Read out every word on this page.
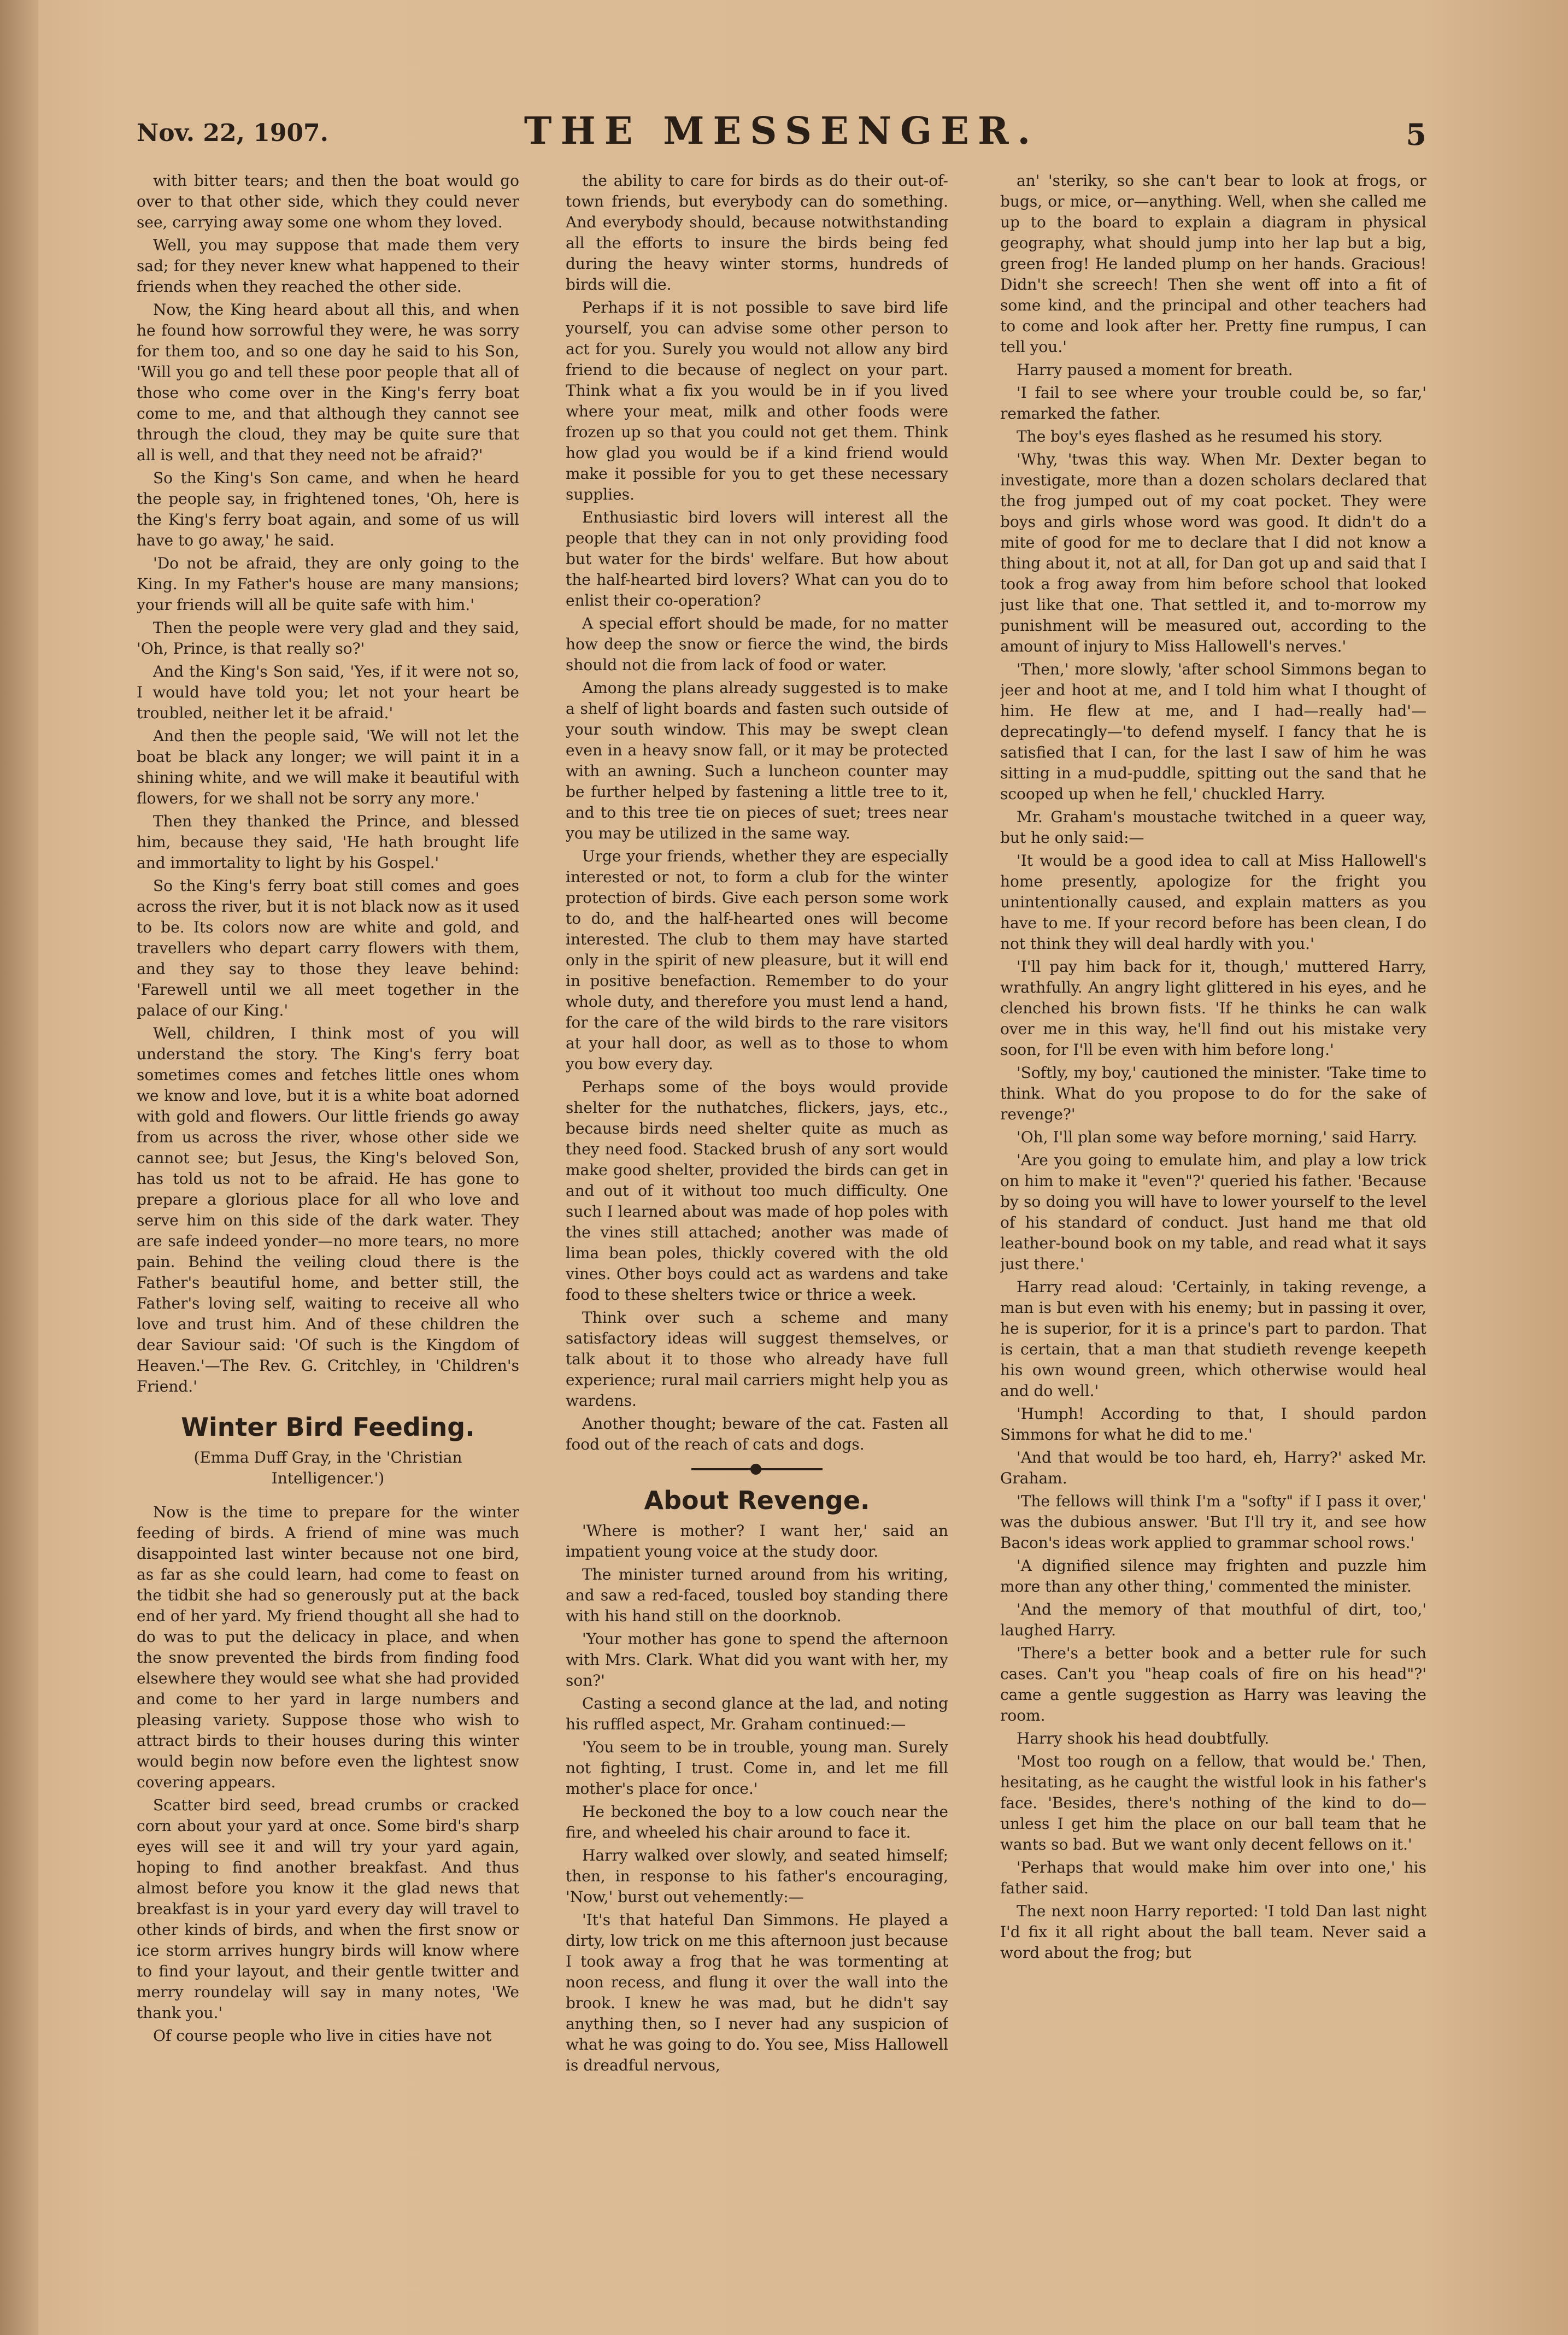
Nov. 22, 1907.	THE MESSENGER.	5

with bitter tears; and then the boat would go over to that other side, which they could never see, carrying away some one whom they loved.

Well, you may suppose that made them very sad; for they never knew what happened to their friends when they reached the other side.

Now, the King heard about all this, and when he found how sorrowful they were, he was sorry for them too, and so one day he said to his Son, 'Will you go and tell these poor people that all of those who come over in the King's ferry boat come to me, and that although they cannot see through the cloud, they may be quite sure that all is well, and that they need not be afraid?'

So the King's Son came, and when he heard the people say, in frightened tones, 'Oh, here is the King's ferry boat again, and some of us will have to go away,' he said.

'Do not be afraid, they are only going to the King. In my Father's house are many mansions; your friends will all be quite safe with him.'

Then the people were very glad and they said, 'Oh, Prince, is that really so?'

And the King's Son said, 'Yes, if it were not so, I would have told you; let not your heart be troubled, neither let it be afraid.'

And then the people said, 'We will not let the boat be black any longer; we will paint it in a shining white, and we will make it beautiful with flowers, for we shall not be sorry any more.'

Then they thanked the Prince, and blessed him, because they said, 'He hath brought life and immortality to light by his Gospel.'

So the King's ferry boat still comes and goes across the river, but it is not black now as it used to be. Its colors now are white and gold, and travellers who depart carry flowers with them, and they say to those they leave behind: 'Farewell until we all meet together in the palace of our King.'

Well, children, I think most of you will understand the story. The King's ferry boat sometimes comes and fetches little ones whom we know and love, but it is a white boat adorned with gold and flowers. Our little friends go away from us across the river, whose other side we cannot see; but Jesus, the King's beloved Son, has told us not to be afraid. He has gone to prepare a glorious place for all who love and serve him on this side of the dark water. They are safe indeed yonder—no more tears, no more pain. Behind the veiling cloud there is the Father's beautiful home, and better still, the Father's loving self, waiting to receive all who love and trust him. And of these children the dear Saviour said: 'Of such is the Kingdom of Heaven.'—The Rev. G. Critchley, in 'Children's Friend.'

Winter Bird Feeding.

(Emma Duff Gray, in the 'Christian Intelligencer.')

Now is the time to prepare for the winter feeding of birds. A friend of mine was much disappointed last winter because not one bird, as far as she could learn, had come to feast on the tidbit she had so generously put at the back end of her yard. My friend thought all she had to do was to put the delicacy in place, and when the snow prevented the birds from finding food elsewhere they would see what she had provided and come to her yard in large numbers and pleasing variety. Suppose those who wish to attract birds to their houses during this winter would begin now before even the lightest snow covering appears.

Scatter bird seed, bread crumbs or cracked corn about your yard at once. Some bird's sharp eyes will see it and will try your yard again, hoping to find another breakfast. And thus almost before you know it the glad news that breakfast is in your yard every day will travel to other kinds of birds, and when the first snow or ice storm arrives hungry birds will know where to find your layout, and their gentle twitter and merry roundelay will say in many notes, 'We thank you.'

Of course people who live in cities have not

the ability to care for birds as do their out-of-town friends, but everybody can do something. And everybody should, because notwithstanding all the efforts to insure the birds being fed during the heavy winter storms, hundreds of birds will die.

Perhaps if it is not possible to save bird life yourself, you can advise some other person to act for you. Surely you would not allow any bird friend to die because of neglect on your part. Think what a fix you would be in if you lived where your meat, milk and other foods were frozen up so that you could not get them. Think how glad you would be if a kind friend would make it possible for you to get these necessary supplies.

Enthusiastic bird lovers will interest all the people that they can in not only providing food but water for the birds' welfare. But how about the half-hearted bird lovers? What can you do to enlist their co-operation?

A special effort should be made, for no matter how deep the snow or fierce the wind, the birds should not die from lack of food or water.

Among the plans already suggested is to make a shelf of light boards and fasten such outside of your south window. This may be swept clean even in a heavy snow fall, or it may be protected with an awning. Such a luncheon counter may be further helped by fastening a little tree to it, and to this tree tie on pieces of suet; trees near you may be utilized in the same way.

Urge your friends, whether they are especially interested or not, to form a club for the winter protection of birds. Give each person some work to do, and the half-hearted ones will become interested. The club to them may have started only in the spirit of new pleasure, but it will end in positive benefaction. Remember to do your whole duty, and therefore you must lend a hand, for the care of the wild birds to the rare visitors at your hall door, as well as to those to whom you bow every day.

Perhaps some of the boys would provide shelter for the nuthatches, flickers, jays, etc., because birds need shelter quite as much as they need food. Stacked brush of any sort would make good shelter, provided the birds can get in and out of it without too much difficulty. One such I learned about was made of hop poles with the vines still attached; another was made of lima bean poles, thickly covered with the old vines. Other boys could act as wardens and take food to these shelters twice or thrice a week.

Think over such a scheme and many satisfactory ideas will suggest themselves, or talk about it to those who already have full experience; rural mail carriers might help you as wardens.

Another thought; beware of the cat. Fasten all food out of the reach of cats and dogs.

About Revenge.

'Where is mother? I want her,' said an impatient young voice at the study door.

The minister turned around from his writing, and saw a red-faced, tousled boy standing there with his hand still on the doorknob.

'Your mother has gone to spend the afternoon with Mrs. Clark. What did you want with her, my son?'

Casting a second glance at the lad, and noting his ruffled aspect, Mr. Graham continued:—

'You seem to be in trouble, young man. Surely not fighting, I trust. Come in, and let me fill mother's place for once.'

He beckoned the boy to a low couch near the fire, and wheeled his chair around to face it.

Harry walked over slowly, and seated himself; then, in response to his father's encouraging, 'Now,' burst out vehemently:—

'It's that hateful Dan Simmons. He played a dirty, low trick on me this afternoon just because I took away a frog that he was tormenting at noon recess, and flung it over the wall into the brook. I knew he was mad, but he didn't say anything then, so I never had any suspicion of what he was going to do. You see, Miss Hallowell is dreadful nervous,

an' 'steriky, so she can't bear to look at frogs, or bugs, or mice, or—anything. Well, when she called me up to the board to explain a diagram in physical geography, what should jump into her lap but a big, green frog! He landed plump on her hands. Gracious! Didn't she screech! Then she went off into a fit of some kind, and the principal and other teachers had to come and look after her. Pretty fine rumpus, I can tell you.'

Harry paused a moment for breath.

'I fail to see where your trouble could be, so far,' remarked the father.

The boy's eyes flashed as he resumed his story.

'Why, 'twas this way. When Mr. Dexter began to investigate, more than a dozen scholars declared that the frog jumped out of my coat pocket. They were boys and girls whose word was good. It didn't do a mite of good for me to declare that I did not know a thing about it, not at all, for Dan got up and said that I took a frog away from him before school that looked just like that one. That settled it, and to-morrow my punishment will be measured out, according to the amount of injury to Miss Hallowell's nerves.'

'Then,' more slowly, 'after school Simmons began to jeer and hoot at me, and I told him what I thought of him. He flew at me, and I had—really had'—deprecatingly—'to defend myself. I fancy that he is satisfied that I can, for the last I saw of him he was sitting in a mud-puddle, spitting out the sand that he scooped up when he fell,' chuckled Harry.

Mr. Graham's moustache twitched in a queer way, but he only said:—

'It would be a good idea to call at Miss Hallowell's home presently, apologize for the fright you unintentionally caused, and explain matters as you have to me. If your record before has been clean, I do not think they will deal hardly with you.'

'I'll pay him back for it, though,' muttered Harry, wrathfully. An angry light glittered in his eyes, and he clenched his brown fists. 'If he thinks he can walk over me in this way, he'll find out his mistake very soon, for I'll be even with him before long.'

'Softly, my boy,' cautioned the minister. 'Take time to think. What do you propose to do for the sake of revenge?'

'Oh, I'll plan some way before morning,' said Harry.

'Are you going to emulate him, and play a low trick on him to make it "even"?' queried his father. 'Because by so doing you will have to lower yourself to the level of his standard of conduct. Just hand me that old leather-bound book on my table, and read what it says just there.'

Harry read aloud: 'Certainly, in taking revenge, a man is but even with his enemy; but in passing it over, he is superior, for it is a prince's part to pardon. That is certain, that a man that studieth revenge keepeth his own wound green, which otherwise would heal and do well.'

'Humph! According to that, I should pardon Simmons for what he did to me.'

'And that would be too hard, eh, Harry?' asked Mr. Graham.

'The fellows will think I'm a "softy" if I pass it over,' was the dubious answer. 'But I'll try it, and see how Bacon's ideas work applied to grammar school rows.'

'A dignified silence may frighten and puzzle him more than any other thing,' commented the minister.

'And the memory of that mouthful of dirt, too,' laughed Harry.

'There's a better book and a better rule for such cases. Can't you "heap coals of fire on his head"?' came a gentle suggestion as Harry was leaving the room.

Harry shook his head doubtfully.

'Most too rough on a fellow, that would be.' Then, hesitating, as he caught the wistful look in his father's face. 'Besides, there's nothing of the kind to do—unless I get him the place on our ball team that he wants so bad. But we want only decent fellows on it.'

'Perhaps that would make him over into one,' his father said.

The next noon Harry reported: 'I told Dan last night I'd fix it all right about the ball team. Never said a word about the frog; but
